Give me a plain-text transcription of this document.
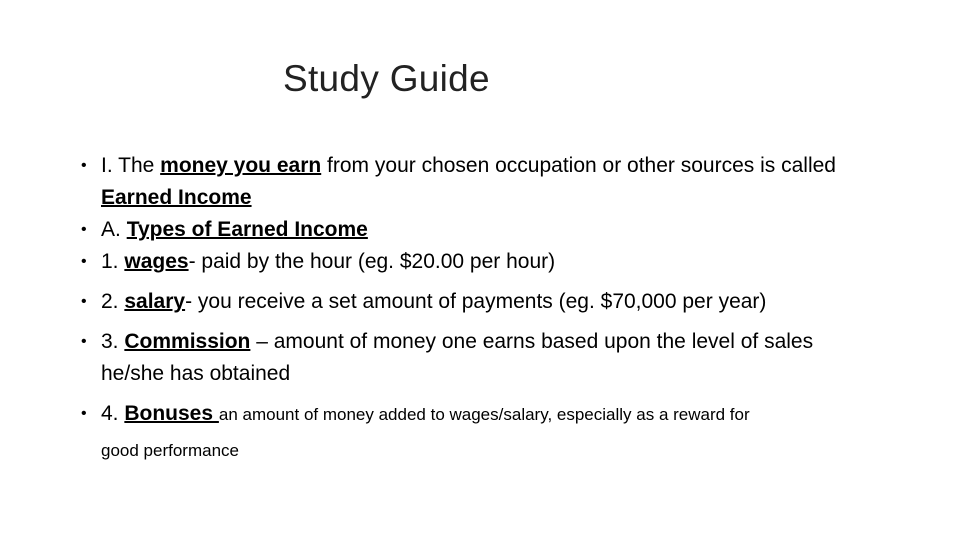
Study Guide
• I. The money you earn from your chosen occupation or other sources is called Earned Income
• A. Types of Earned Income
• 1. wages- paid by the hour (eg. $20.00 per hour)
• 2. salary- you receive a set amount of payments (eg. $70,000 per year)
• 3. Commission – amount of money one earns based upon the level of sales he/she has obtained
• 4. Bonuses an amount of money added to wages/salary, especially as a reward for
good performance
